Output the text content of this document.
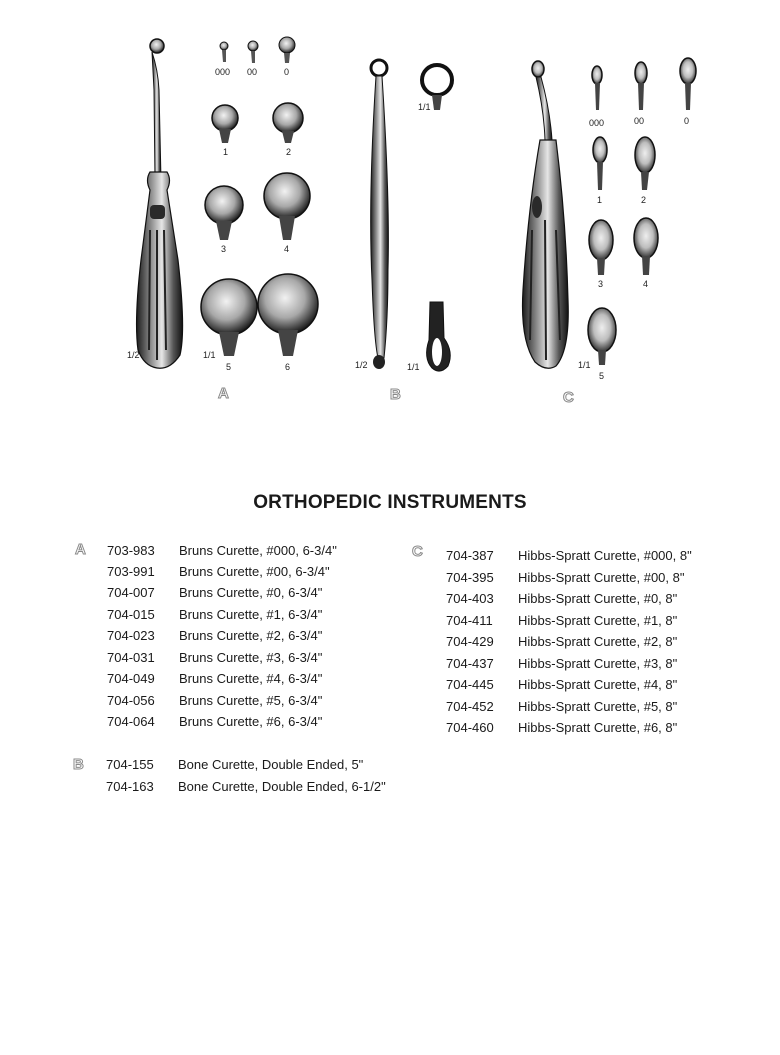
000 00	0
1	2
3	4
5	6
1/2	1/1
A
1/1
1/2	1/1
B
000	00	0
1	2
3	4
5
1/1
C
ORTHOPEDIC INSTRUMENTS
A 703-983 Bruns Curette, #000, 6-3/4"
703-991 Bruns Curette, #00, 6-3/4"
704-007 Bruns Curette, #0, 6-3/4"
704-015 Bruns Curette, #1, 6-3/4"
704-023 Bruns Curette, #2, 6-3/4"
704-031 Bruns Curette, #3, 6-3/4"
704-049 Bruns Curette, #4, 6-3/4"
704-056 Bruns Curette, #5, 6-3/4"
704-064 Bruns Curette, #6, 6-3/4"
B 704-155 Bone Curette, Double Ended, 5"
704-163 Bone Curette, Double Ended, 6-1/2"
C 704-387 Hibbs-Spratt Curette, #000, 8"
704-395 Hibbs-Spratt Curette, #00, 8"
704-403 Hibbs-Spratt Curette, #0, 8"
704-411 Hibbs-Spratt Curette, #1, 8"
704-429 Hibbs-Spratt Curette, #2, 8"
704-437 Hibbs-Spratt Curette, #3, 8"
704-445 Hibbs-Spratt Curette, #4, 8"
704-452 Hibbs-Spratt Curette, #5, 8"
704-460 Hibbs-Spratt Curette, #6, 8"
